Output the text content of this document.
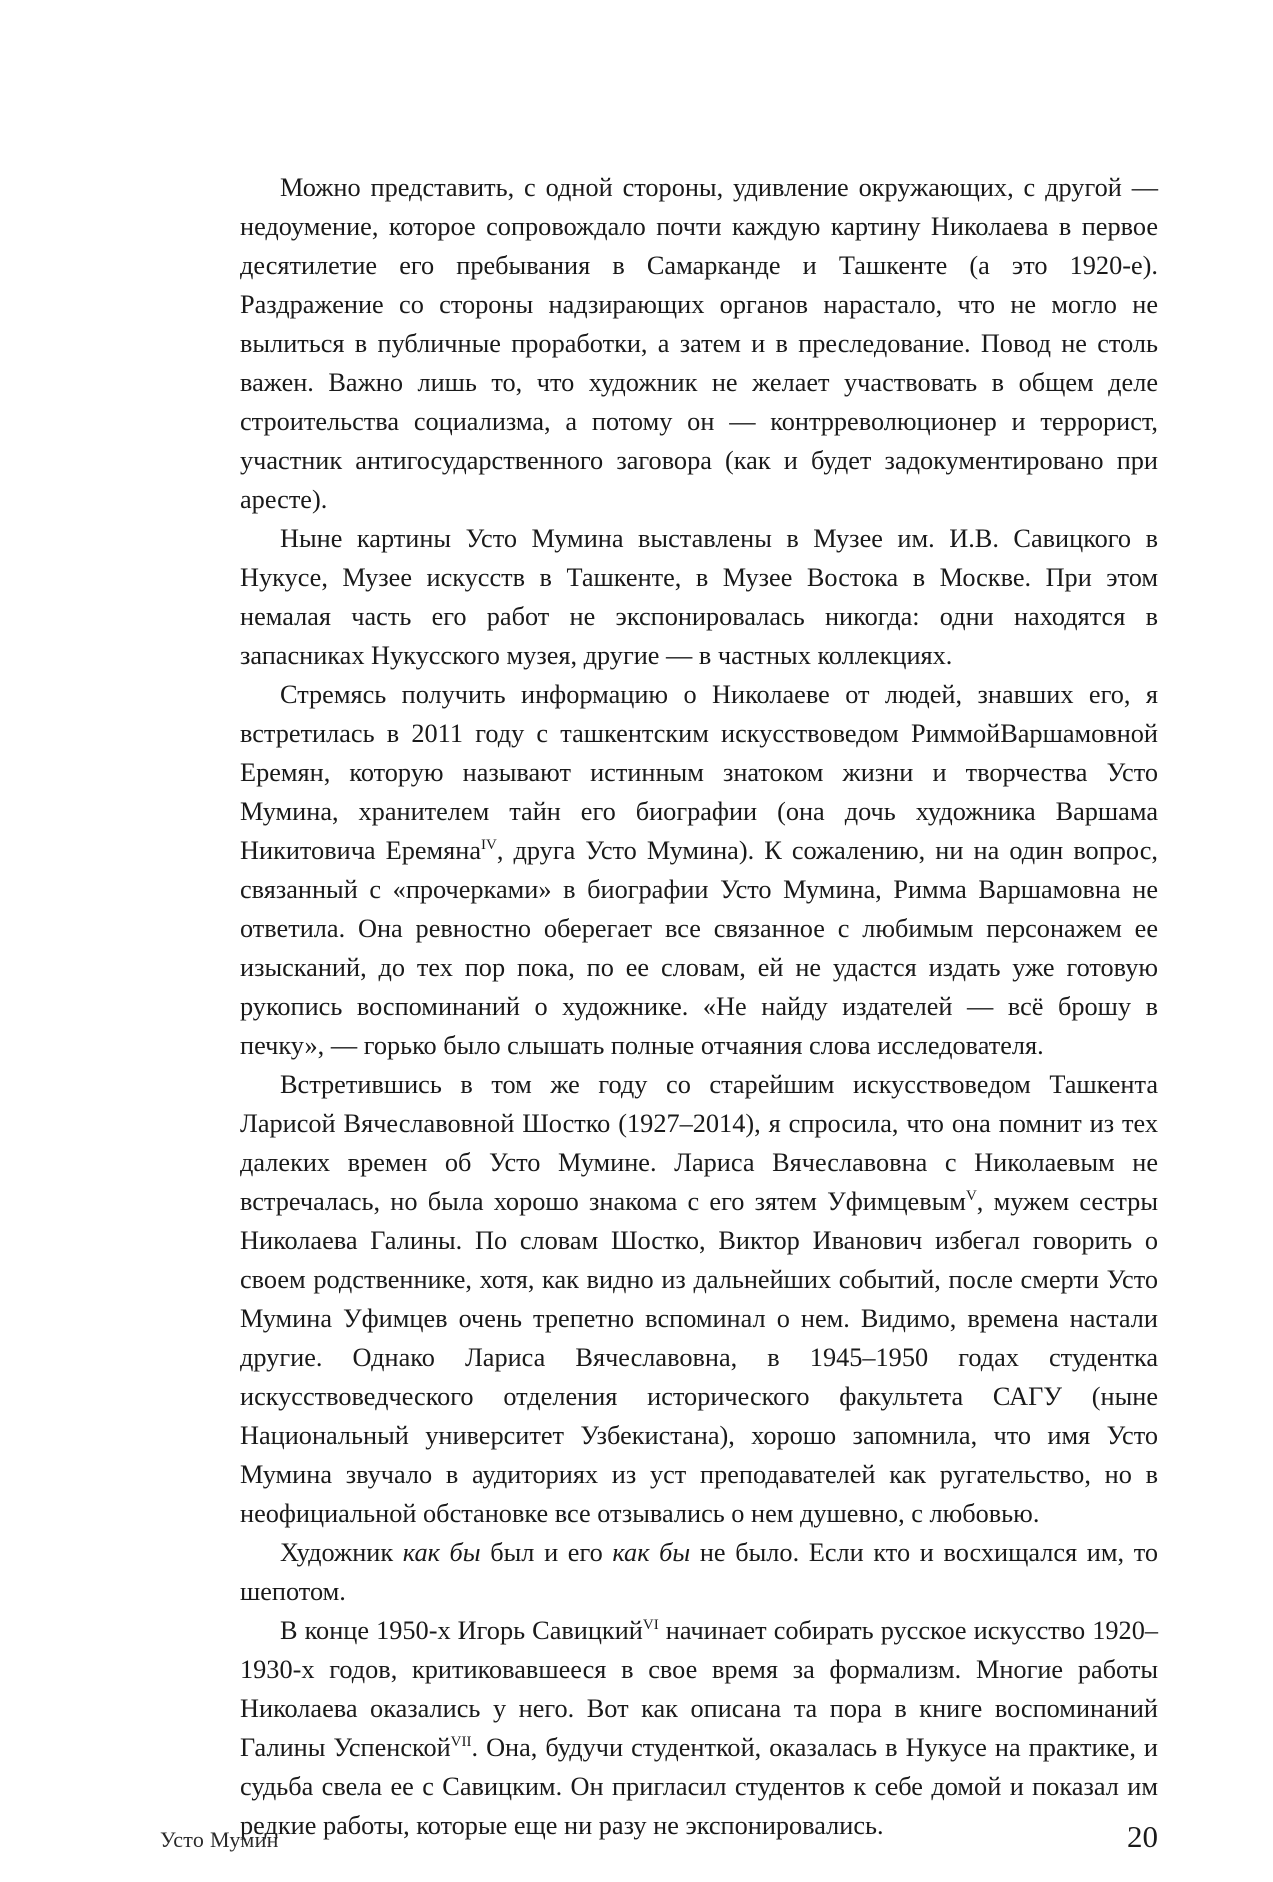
Можно представить, с одной стороны, удивление окружающих, с другой — недоумение, которое сопровождало почти каждую картину Николаева в первое десятилетие его пребывания в Самарканде и Ташкенте (а это 1920-е). Раздражение со стороны надзирающих органов нарастало, что не могло не вылиться в публичные проработки, а затем и в преследование. Повод не столь важен. Важно лишь то, что художник не желает участвовать в общем деле строительства социализма, а потому он — контрреволюционер и террорист, участник антигосударственного заговора (как и будет задокументировано при аресте).

Ныне картины Усто Мумина выставлены в Музее им. И.В. Савицкого в Нукусе, Музее искусств в Ташкенте, в Музее Востока в Москве. При этом немалая часть его работ не экспонировалась никогда: одни находятся в запасниках Нукусского музея, другие — в частных коллекциях.

Стремясь получить информацию о Николаеве от людей, знавших его, я встретилась в 2011 году с ташкентским искусствоведом РиммойВаршамовной Еремян, которую называют истинным знатоком жизни и творчества Усто Мумина, хранителем тайн его биографии (она дочь художника Варшама Никитовича Еремяна$^{IV}$, друга Усто Мумина). К сожалению, ни на один вопрос, связанный с «прочерками» в биографии Усто Мумина, Римма Варшамовна не ответила. Она ревностно оберегает все связанное с любимым персонажем ее изысканий, до тех пор пока, по ее словам, ей не удастся издать уже готовую рукопись воспоминаний о художнике. «Не найду издателей — всё брошу в печку», — горько было слышать полные отчаяния слова исследователя.

Встретившись в том же году со старейшим искусствоведом Ташкента Ларисой Вячеславовной Шостко (1927–2014), я спросила, что она помнит из тех далеких времен об Усто Мумине. Лариса Вячеславовна с Николаевым не встречалась, но была хорошо знакома с его зятем Уфимцевым$^V$, мужем сестры Николаева Галины. По словам Шостко, Виктор Иванович избегал говорить о своем родственнике, хотя, как видно из дальнейших событий, после смерти Усто Мумина Уфимцев очень трепетно вспоминал о нем. Видимо, времена настали другие. Однако Лариса Вячеславовна, в 1945–1950 годах студентка искусствоведческого отделения исторического факультета САГУ (ныне Национальный университет Узбекистана), хорошо запомнила, что имя Усто Мумина звучало в аудиториях из уст преподавателей как ругательство, но в неофициальной обстановке все отзывались о нем душевно, с любовью.

Художник как бы был и его как бы не было. Если кто и восхищался им, то шепотом.

В конце 1950-х Игорь Савицкий$^{VI}$ начинает собирать русское искусство 1920–1930-х годов, критиковавшееся в свое время за формализм. Многие работы Николаева оказались у него. Вот как описана та пора в книге воспоминаний Галины Успенской$^{VII}$. Она, будучи студенткой, оказалась в Нукусе на практике, и судьба свела ее с Савицким. Он пригласил студентов к себе домой и показал им редкие работы, которые еще ни разу не экспонировались.

Усто Мумин	20
